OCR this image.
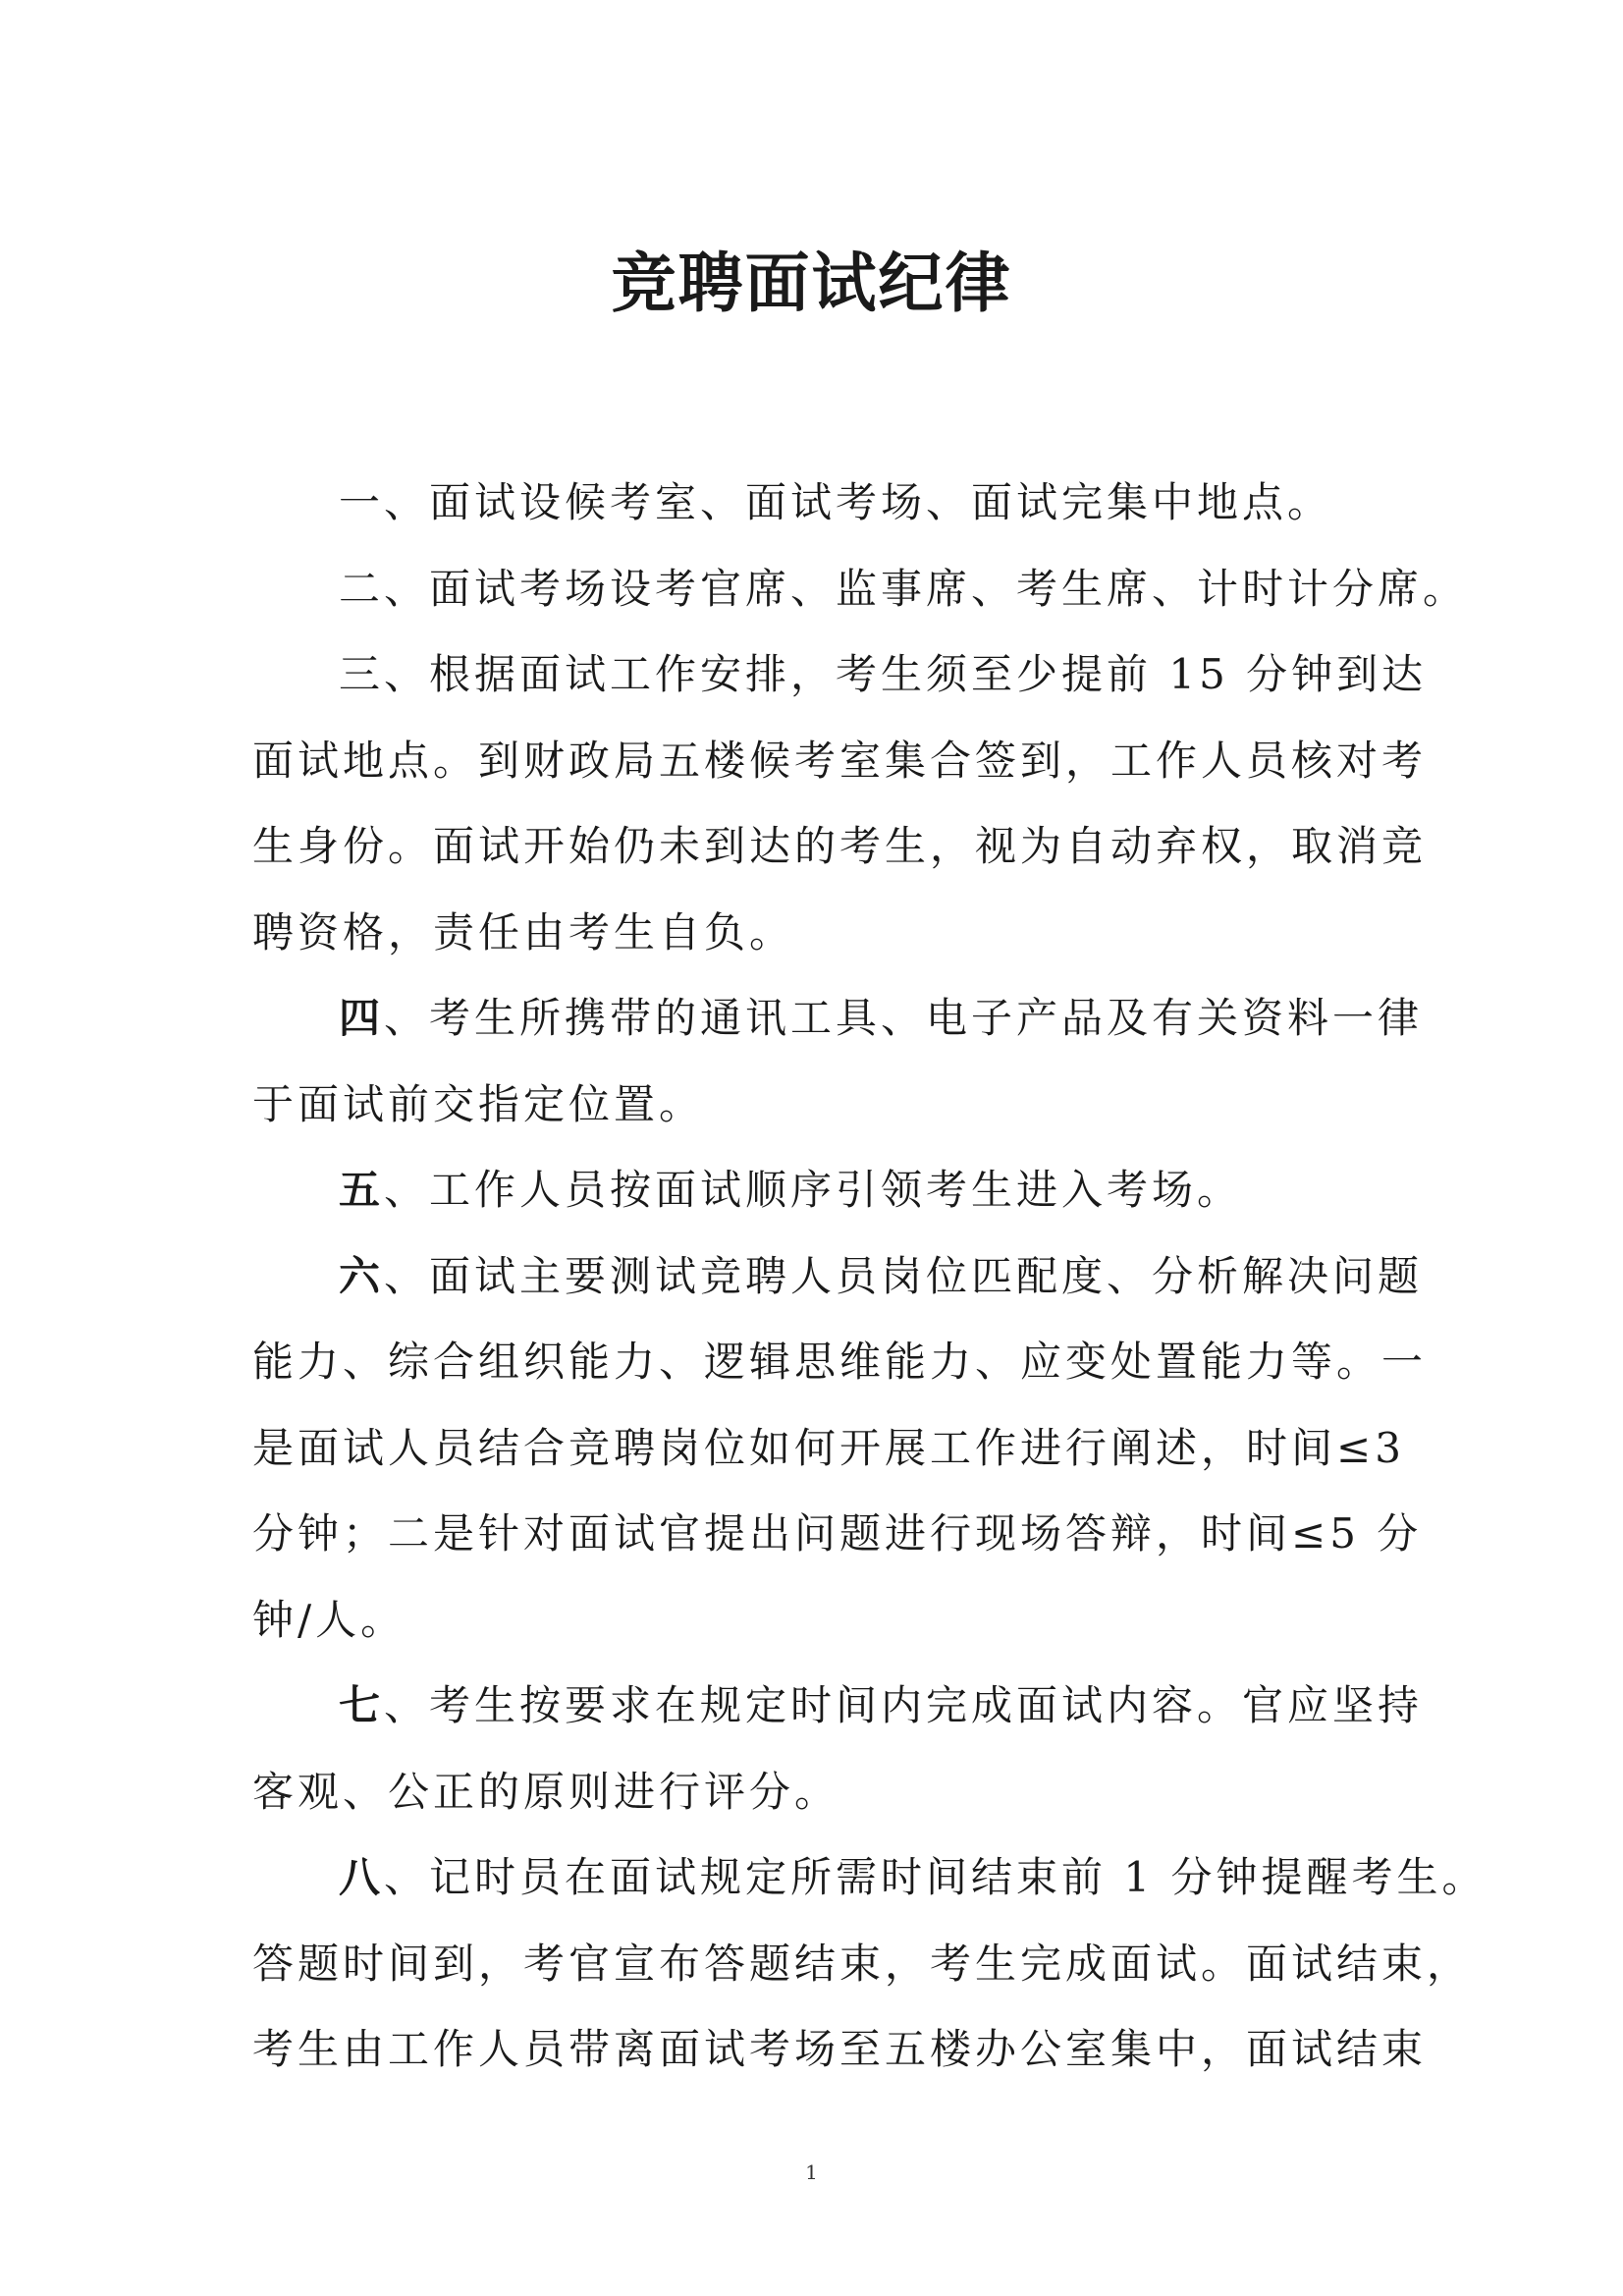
竞聘面试纪律
一、面试设候考室、面试考场、面试完集中地点。
二、面试考场设考官席、监事席、考生席、计时计分席。
三、根据面试工作安排，考生须至少提前 15 分钟到达
面试地点。到财政局五楼候考室集合签到，工作人员核对考
生身份。面试开始仍未到达的考生，视为自动弃权，取消竞
聘资格，责任由考生自负。
四、考生所携带的通讯工具、电子产品及有关资料一律
于面试前交指定位置。
五、工作人员按面试顺序引领考生进入考场。
六、面试主要测试竞聘人员岗位匹配度、分析解决问题
能力、综合组织能力、逻辑思维能力、应变处置能力等。一
是面试人员结合竞聘岗位如何开展工作进行阐述，时间≤3
分钟；二是针对面试官提出问题进行现场答辩，时间≤5 分
钟/人。
七、考生按要求在规定时间内完成面试内容。官应坚持
客观、公正的原则进行评分。
八、记时员在面试规定所需时间结束前 1 分钟提醒考生。
答题时间到，考官宣布答题结束，考生完成面试。面试结束，
考生由工作人员带离面试考场至五楼办公室集中，面试结束
1
